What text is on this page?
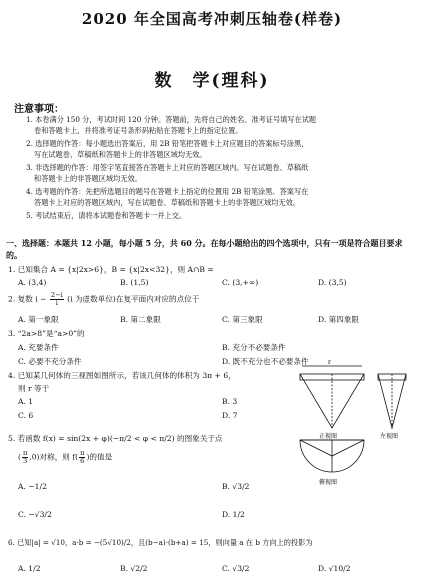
2020 年全国高考冲刺压轴卷(样卷)
数　学(理科)
注意事项：
1. 本卷满分 150 分，考试时间 120 分钟。答题前，先将自己的姓名、准考证号填写在试题
卷和答题卡上，并将准考证号条形码粘贴在答题卡上的指定位置。
2. 选择题的作答：每小题选出答案后，用 2B 铅笔把答题卡上对应题目的答案标号涂黑，
写在试题卷、草稿纸和答题卡上的非答题区域均无效。
3. 非选择题的作答：用签字笔直接答在答题卡上对应的答题区域内。写在试题卷、草稿纸
和答题卡上的非答题区域均无效。
4. 选考题的作答：先把所选题目的题号在答题卡上指定的位置用 2B 铅笔涂黑。答案写在
答题卡上对应的答题区域内，写在试题卷、草稿纸和答题卡上的非答题区域均无效。
5. 考试结束后，请将本试题卷和答题卡一并上交。
一、选择题：本题共 12 小题，每小题 5 分，共 60 分。在每小题给出的四个选项中，只有一项是符合题目要求的。
1. 已知集合 A = {x|2x>6}，B = {x|2x<32}，则 A∩B =
A. (3,4)	B. (1,5)	C. (3,+∞)	D. (3,5)
2. 复数 $i - \frac{2-i}{i} (i$ 为虚数单位)在复平面内对应的点位于
A. 第一象限	B. 第二象限	C. 第三象限	D. 第四象限
3. “2a>8”是“a>0”的
A. 充要条件	B. 充分不必要条件
C. 必要不充分条件	D. 既不充分也不必要条件
4. 已知某几何体的三视图如图所示，若该几何体的体积为 3π + 6，
则 r 等于
A. 1	B. 3
C. 6	D. 7
r
正视图	左视图
俯视图
5. 若函数 f(x) = sin(2x + φ)(−π/2 < φ < π/2) 的图象关于点
( $\frac{\pi}{3} ,0$)对称，则 $f( \frac{\pi}{6}$ )的值是
A. −1/2	B. √3/2
C. −√3/2	D. 1/2
6. 已知|a| = √10，a·b = −(5√10)/2，且(b−a)·(b+a) = 15，则向量 a 在 b 方向上的投影为
A. 1/2	B. √2/2	C. √3/2	D. √10/2
